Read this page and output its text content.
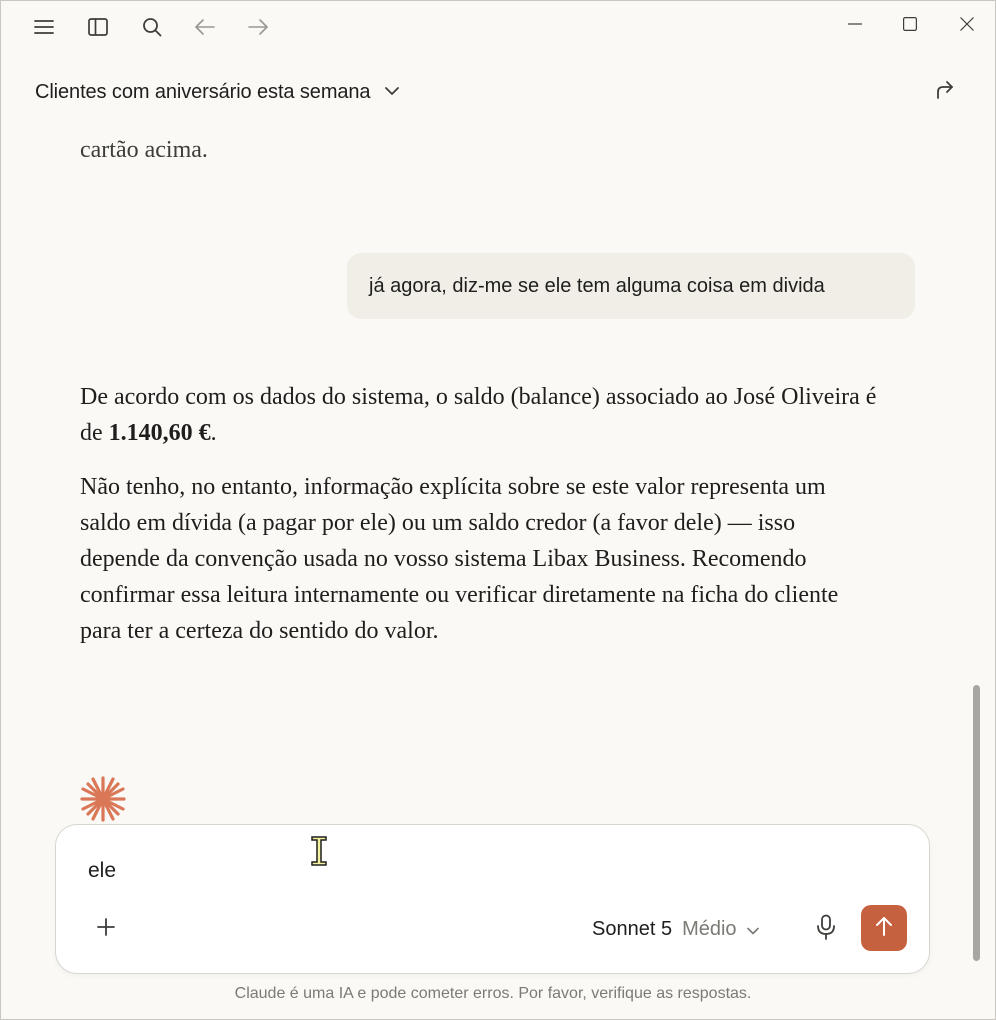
Clientes com aniversário esta semana
cartão acima.
já agora, diz-me se ele tem alguma coisa em divida

De acordo com os dados do sistema, o saldo (balance) associado ao José Oliveira é de 1.140,60 €.

Não tenho, no entanto, informação explícita sobre se este valor representa um saldo em dívida (a pagar por ele) ou um saldo credor (a favor dele) — isso depende da convenção usada no vosso sistema Libax Business. Recomendo confirmar essa leitura internamente ou verificar diretamente na ficha do cliente para ter a certeza do sentido do valor.

ele
Sonnet 5 Médio
Claude é uma IA e pode cometer erros. Por favor, verifique as respostas.
